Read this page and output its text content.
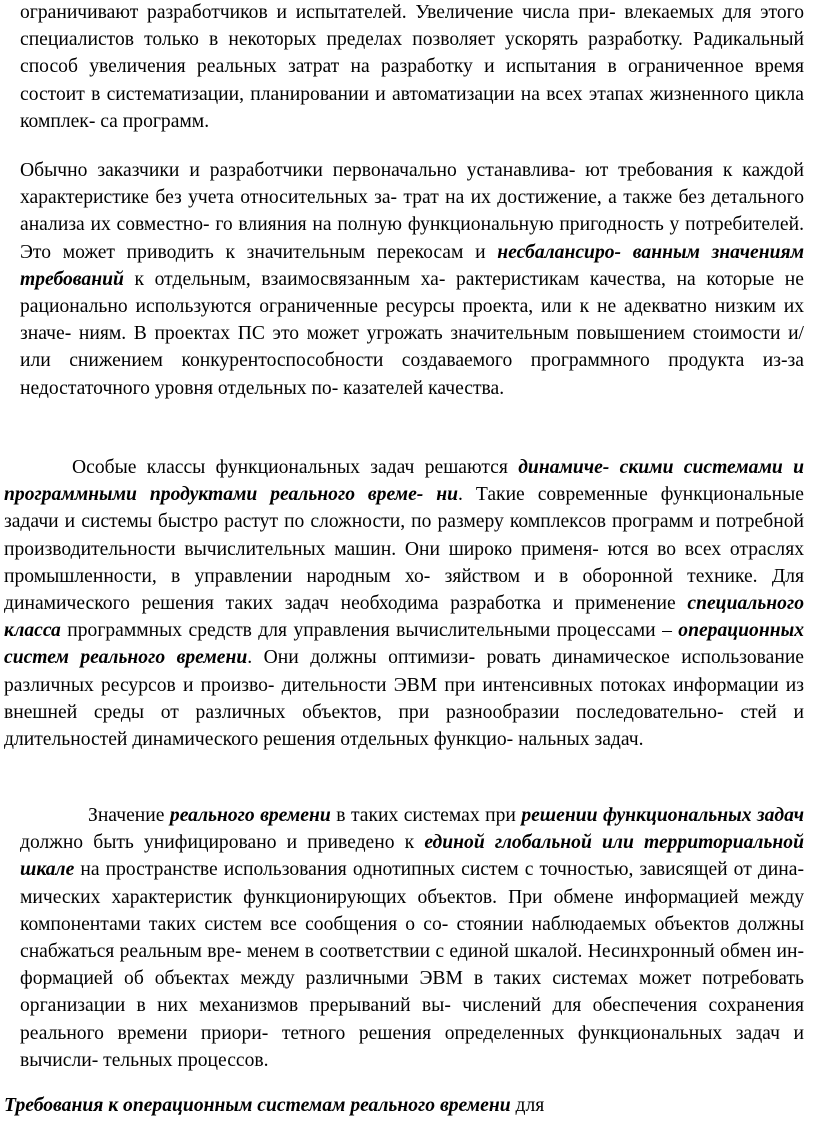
ограничивают разработчиков и испытателей. Увеличение числа при- влекаемых для этого специалистов только в некоторых пределах позволяет ускорять разработку. Радикальный способ увеличения реальных затрат на разработку и испытания в ограниченное время состоит в систематизации, планировании и автоматизации на всех этапах жизненного цикла комплек- са программ.

Обычно заказчики и разработчики первоначально устанавлива- ют требования к каждой характеристике без учета относительных за- трат на их достижение, а также без детального анализа их совместно- го влияния на полную функциональную пригодность у потребителей. Это может приводить к значительным перекосам и несбалансиро- ванным значениям требований к отдельным, взаимосвязанным ха- рактеристикам качества, на которые не рационально используются ограниченные ресурсы проекта, или к не адекватно низким их значе- ниям. В проектах ПС это может угрожать значительным повышением стоимости и/или снижением конкурентоспособности создаваемого программного продукта из-за недостаточного уровня отдельных по- казателей качества.

Особые классы функциональных задач решаются динамиче- скими системами и программными продуктами реального време- ни. Такие современные функциональные задачи и системы быстро растут по сложности, по размеру комплексов программ и потребной производительности вычислительных машин. Они широко применя- ются во всех отраслях промышленности, в управлении народным хо- зяйством и в оборонной технике. Для динамического решения таких задач необходима разработка и применение специального класса программных средств для управления вычислительными процессами – операционных систем реального времени. Они должны оптимизи- ровать динамическое использование различных ресурсов и произво- дительности ЭВМ при интенсивных потоках информации из внешней среды от различных объектов, при разнообразии последовательно- стей и длительностей динамического решения отдельных функцио- нальных задач.

Значение реального времени в таких системах при решении функциональных задач должно быть унифицировано и приведено к единой глобальной или территориальной шкале на пространстве использования однотипных систем с точностью, зависящей от дина- мических характеристик функционирующих объектов. При обмене информацией между компонентами таких систем все сообщения о со- стоянии наблюдаемых объектов должны снабжаться реальным вре- менем в соответствии с единой шкалой. Несинхронный обмен ин- формацией об объектах между различными ЭВМ в таких системах может потребовать организации в них механизмов прерываний вы- числений для обеспечения сохранения реального времени приори- тетного решения определенных функциональных задач и вычисли- тельных процессов.

Требования к операционным системам реального времени для
